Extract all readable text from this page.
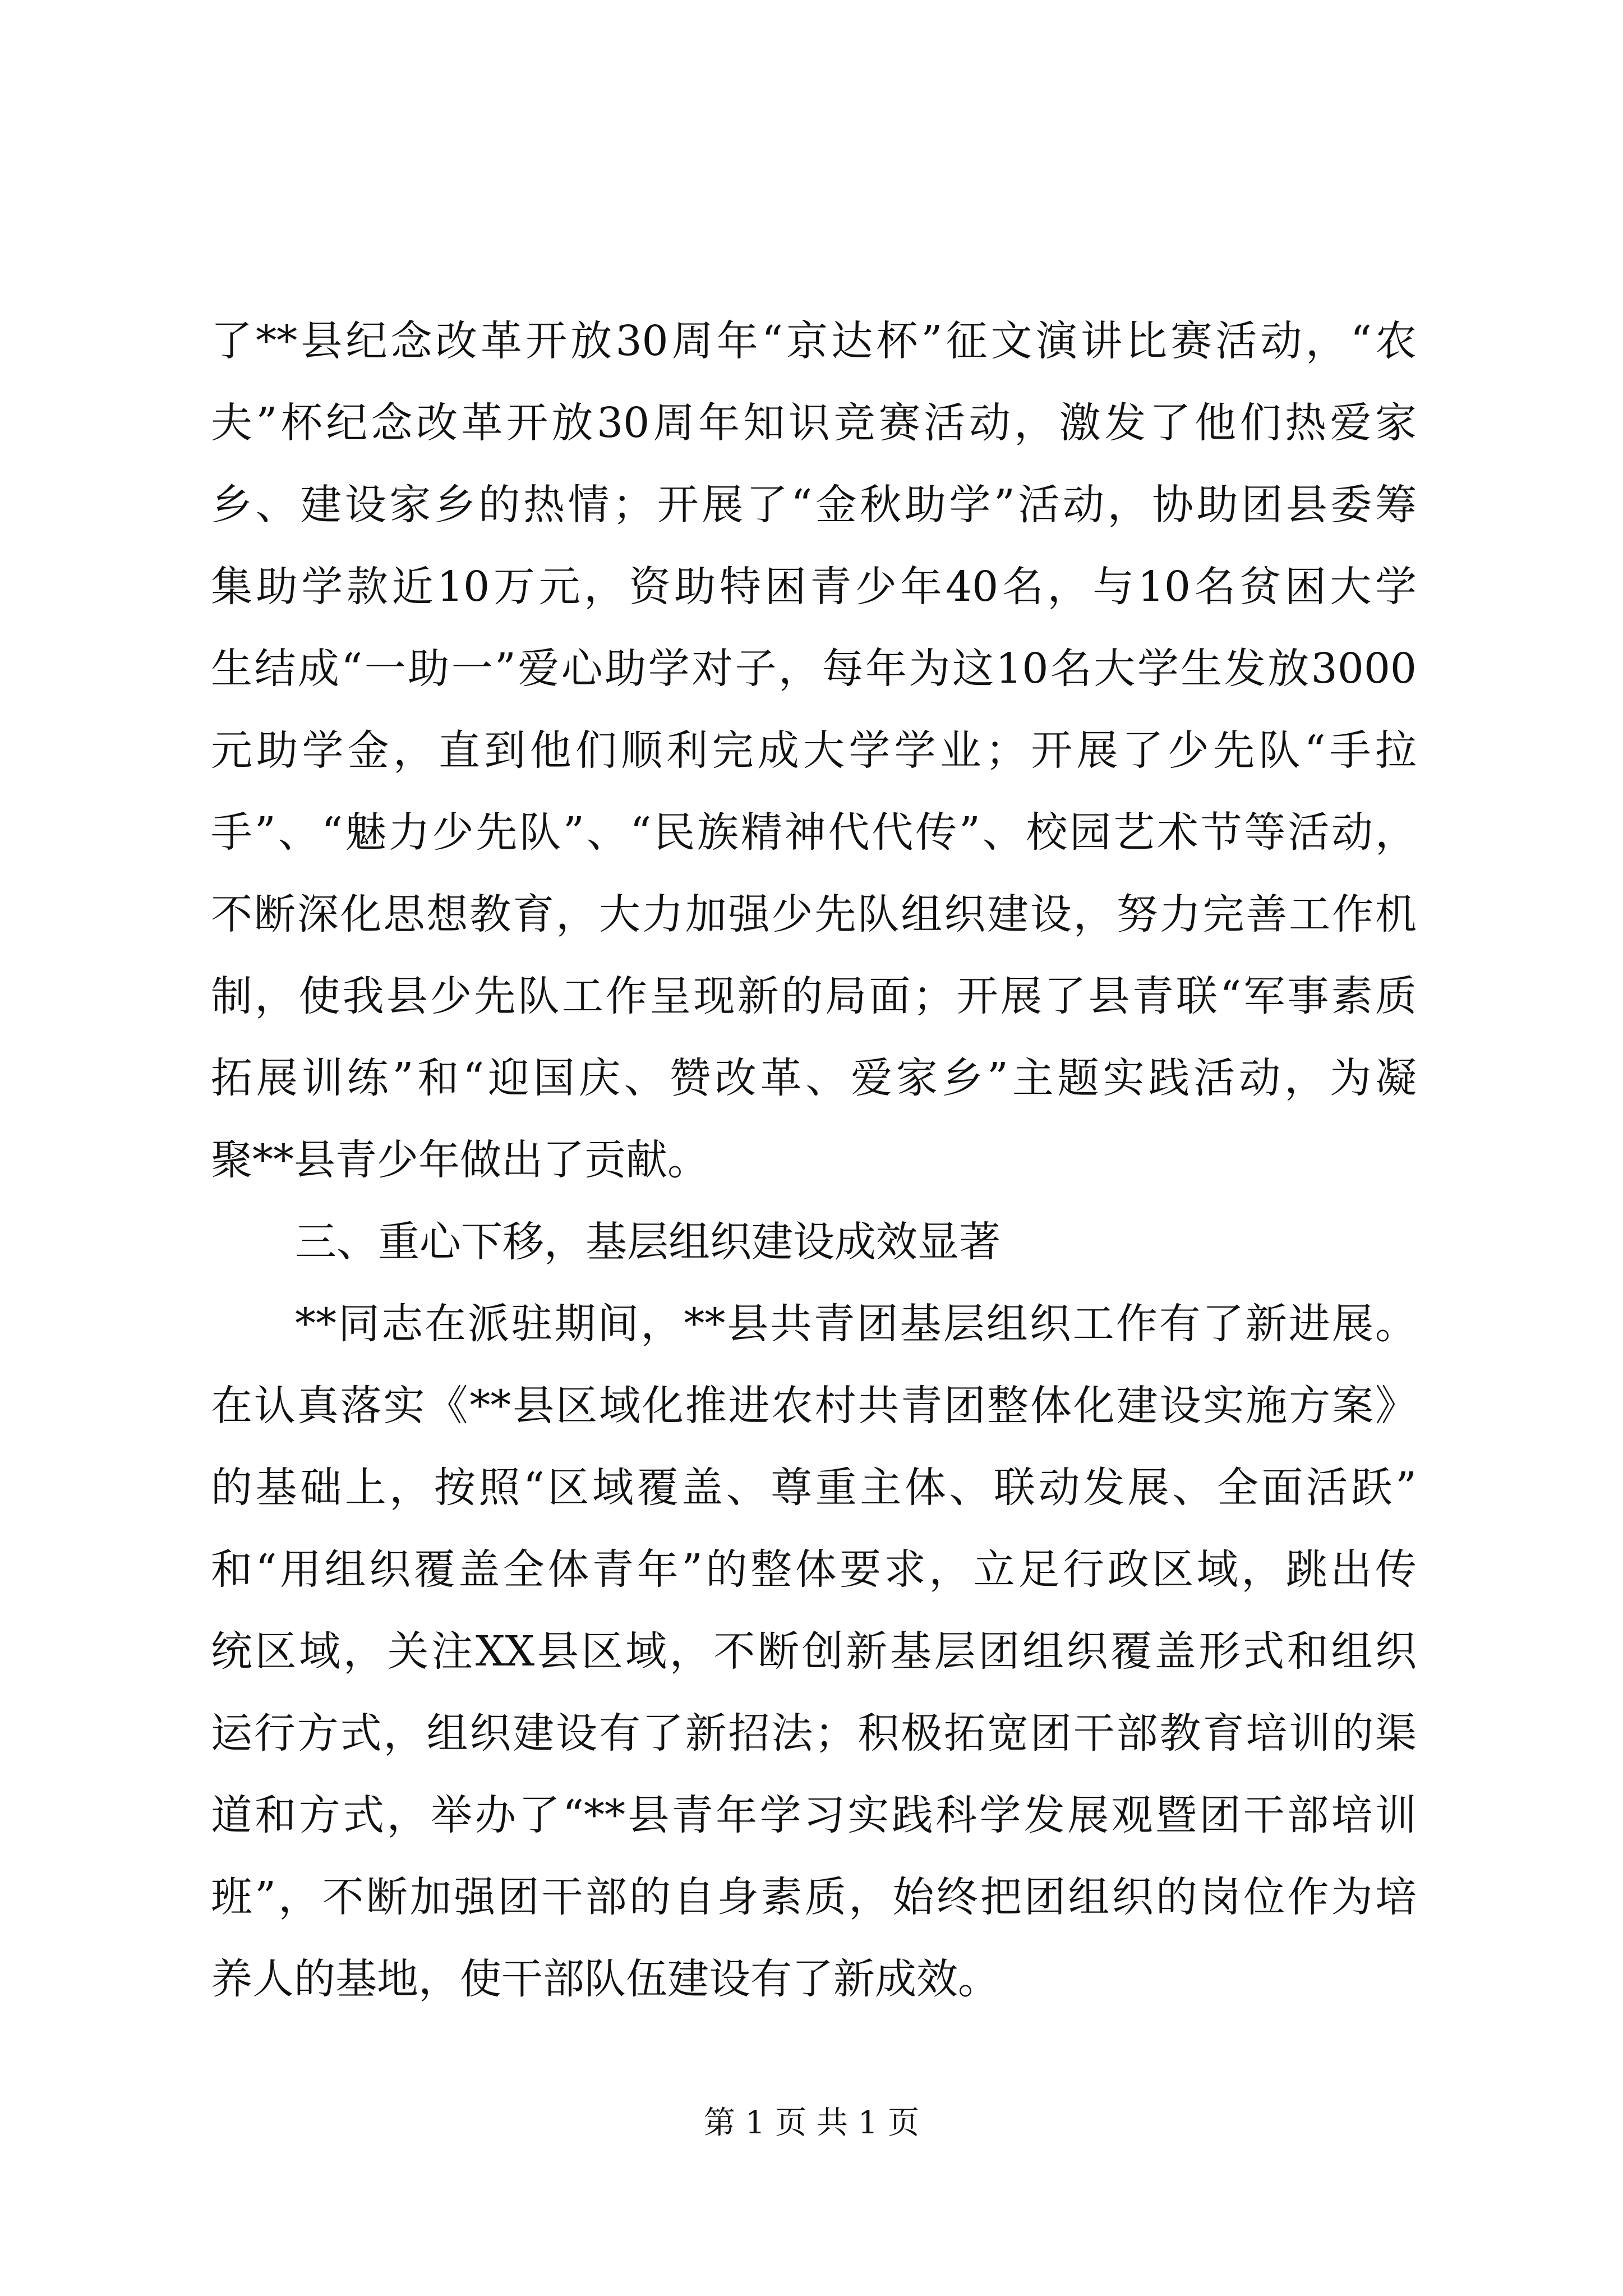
了**县纪念改革开放30周年“京达杯”征文演讲比赛活动，“农
夫”杯纪念改革开放30周年知识竞赛活动，激发了他们热爱家
乡、建设家乡的热情；开展了“金秋助学”活动，协助团县委筹
集助学款近10万元，资助特困青少年40名，与10名贫困大学
生结成“一助一”爱心助学对子，每年为这10名大学生发放3000
元助学金，直到他们顺利完成大学学业；开展了少先队“手拉
手”、“魅力少先队”、“民族精神代代传”、校园艺术节等活动，
不断深化思想教育，大力加强少先队组织建设，努力完善工作机
制，使我县少先队工作呈现新的局面；开展了县青联“军事素质
拓展训练”和“迎国庆、赞改革、爱家乡”主题实践活动，为凝
聚**县青少年做出了贡献。
三、重心下移，基层组织建设成效显著
**同志在派驻期间，**县共青团基层组织工作有了新进展。
在认真落实《**县区域化推进农村共青团整体化建设实施方案》
的基础上，按照“区域覆盖、尊重主体、联动发展、全面活跃”
和“用组织覆盖全体青年”的整体要求，立足行政区域，跳出传
统区域，关注XX县区域，不断创新基层团组织覆盖形式和组织
运行方式，组织建设有了新招法；积极拓宽团干部教育培训的渠
道和方式，举办了“**县青年学习实践科学发展观暨团干部培训
班”，不断加强团干部的自身素质，始终把团组织的岗位作为培
养人的基地，使干部队伍建设有了新成效。
第 1 页 共 1 页
